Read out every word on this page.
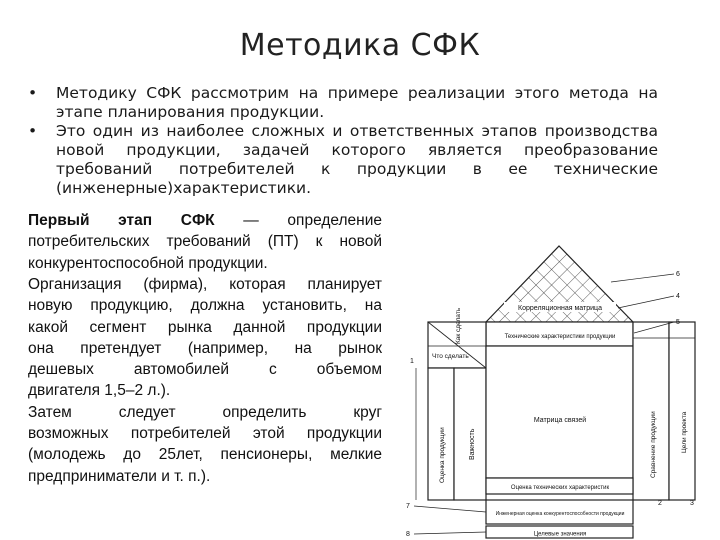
Методика СФК
• Методику СФК рассмотрим на примере реализации этого метода на этапе планирования продукции.
• Это один из наиболее сложных и ответственных этапов производства новой продукции, задачей которого является преобразование требований потребителей к продукции в ее технические (инженерные)характеристики.
Первый этап СФК — определение
потребительских требований (ПТ) к новой
конкурентоспособной продукции.
Организация (фирма), которая планирует
новую продукцию, должна установить, на
какой сегмент рынка данной продукции
она претендует (например, на рынок
дешевых автомобилей с объемом
двигателя 1,5–2 л.).
Затем следует определить круг
возможных потребителей этой продукции
(молодежь до 25лет, пенсионеры, мелкие
предприниматели и т. п.).
Корреляционная матрица
Технические характеристики продукции
Что сделать
Как сделать
Оценка продукции	Важность
Матрица связей	Сравнение продукции	Цели проекта
Оценка технических характеристик
Инженерная оценка конкурентоспособности продукции
Целевые значения
6
4
5
1
2	3
7
8
